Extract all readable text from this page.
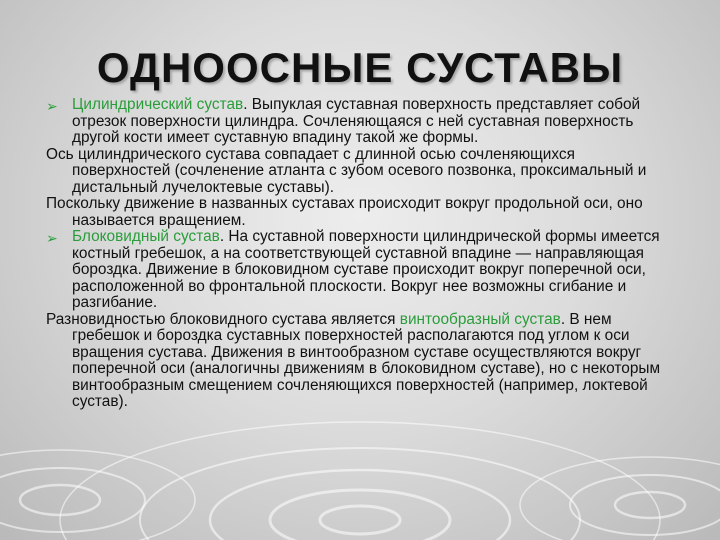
ОДНООСНЫЕ СУСТАВЫ

➢ Цилиндрический сустав. Выпуклая суставная поверхность представляет собой отрезок поверхности цилиндра. Сочленяющаяся с ней суставная поверхность другой кости имеет суставную впадину такой же формы.

Ось цилиндрического сустава совпадает с длинной осью сочленяющихся поверхностей (сочленение атланта с зубом осевого позвонка, проксимальный и дистальный лучелоктевые суставы).

Поскольку движение в названных суставах происходит вокруг продольной оси, оно называется вращением.

➢ Блоковидный сустав. На суставной поверхности цилиндрической формы имеется костный гребешок, а на соответствующей суставной впадине — направляющая бороздка. Движение в блоковидном суставе происходит вокруг поперечной оси, расположенной во фронтальной плоскости. Вокруг нее возможны сгибание и разгибание.

Разновидностью блоковидного сустава является винтообразный сустав. В нем гребешок и бороздка суставных поверхностей располагаются под углом к оси вращения сустава. Движения в винтообразном суставе осуществляются вокруг поперечной оси (аналогичны движениям в блоковидном суставе), но с некоторым винтообразным смещением сочленяющихся поверхностей (например, локтевой сустав).
